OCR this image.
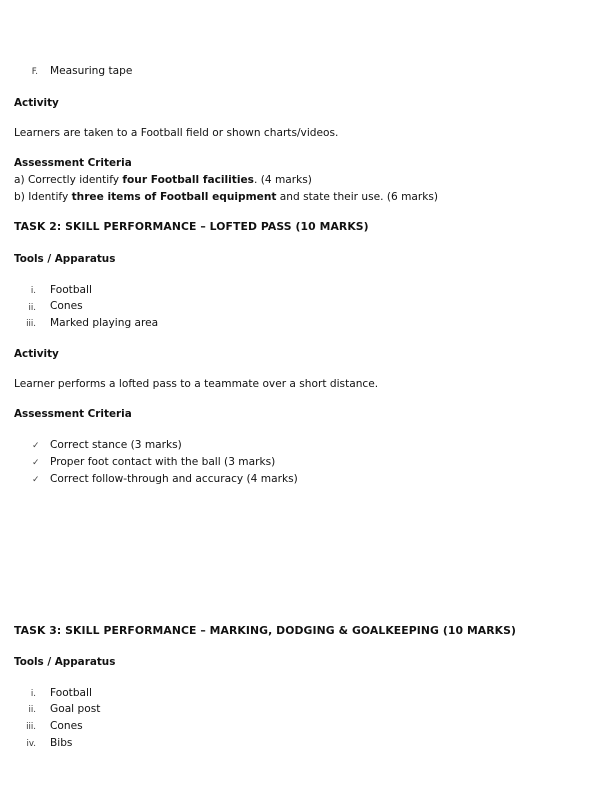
F. Measuring tape
Activity
Learners are taken to a Football field or shown charts/videos.
Assessment Criteria
a) Correctly identify four Football facilities. (4 marks)
b) Identify three items of Football equipment and state their use. (6 marks)
TASK 2: SKILL PERFORMANCE – LOFTED PASS (10 MARKS)
Tools / Apparatus
i. Football
ii. Cones
iii. Marked playing area
Activity
Learner performs a lofted pass to a teammate over a short distance.
Assessment Criteria
✓ Correct stance (3 marks)
✓ Proper foot contact with the ball (3 marks)
✓ Correct follow-through and accuracy (4 marks)
TASK 3: SKILL PERFORMANCE – MARKING, DODGING & GOALKEEPING (10 MARKS)
Tools / Apparatus
i. Football
ii. Goal post
iii. Cones
iv. Bibs
